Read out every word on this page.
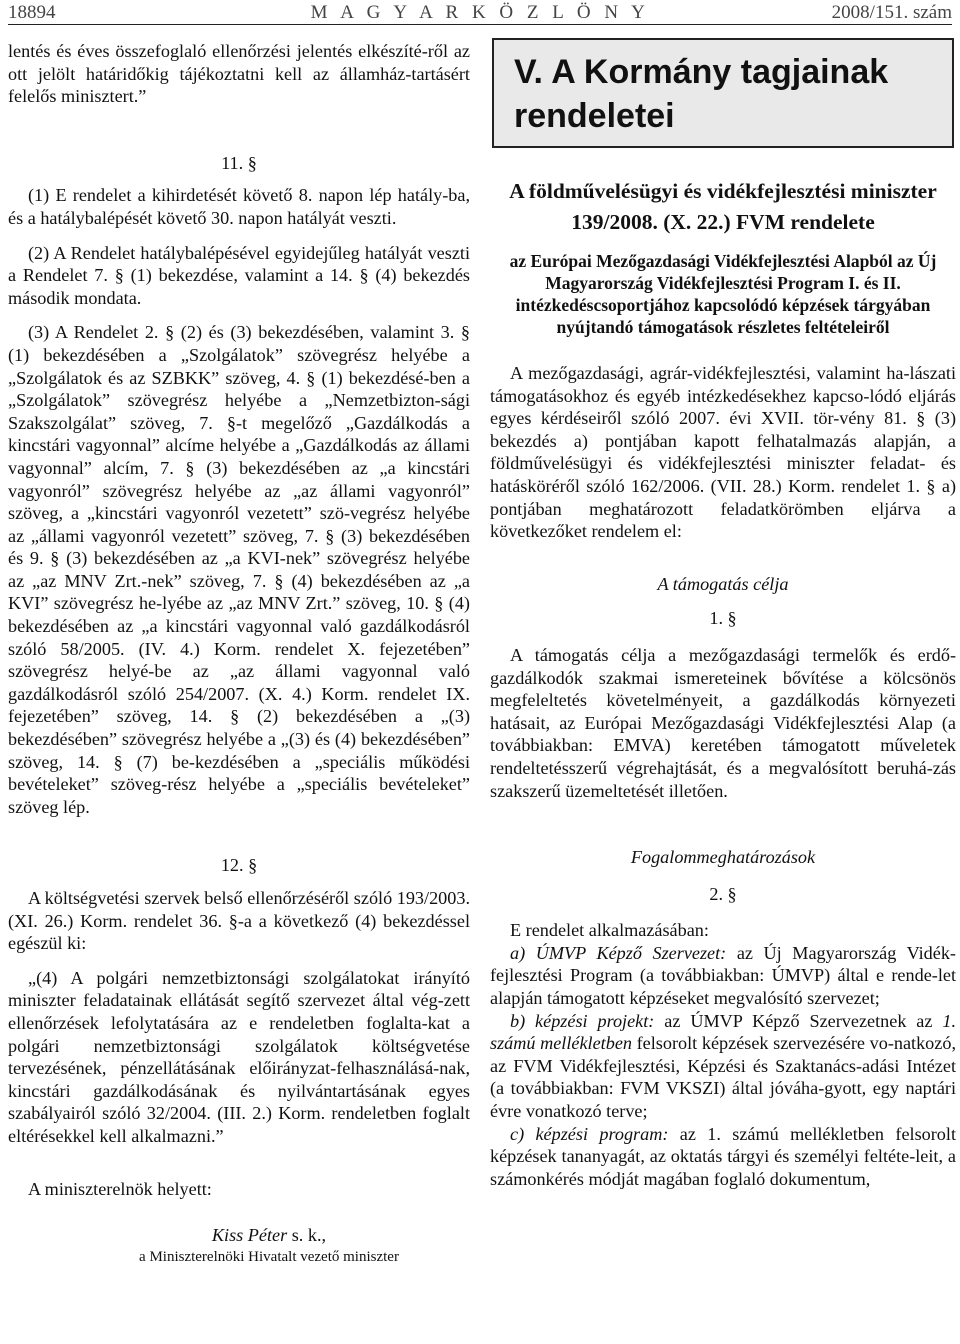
18894	M A G Y A R K Ö Z L Ö N Y	2008/151. szám

lentés és éves összefoglaló ellenőrzési jelentés elkészíté-ről az ott jelölt határidőkig tájékoztatni kell az államház-tartásért felelős minisztert.”

11. §

(1) E rendelet a kihirdetését követő 8. napon lép hatály-ba, és a hatálybalépését követő 30. napon hatályát veszti.

(2) A Rendelet hatálybalépésével egyidejűleg hatályát veszti a Rendelet 7. § (1) bekezdése, valamint a 14. § (4) bekezdés második mondata.

(3) A Rendelet 2. § (2) és (3) bekezdésében, valamint 3. § (1) bekezdésében a „Szolgálatok” szövegrész helyébe a „Szolgálatok és az SZBKK” szöveg, 4. § (1) bekezdésé-ben a „Szolgálatok” szövegrész helyébe a „Nemzetbizton-sági Szakszolgálat” szöveg, 7. §-t megelőző „Gazdálkodás a kincstári vagyonnal” alcíme helyébe a „Gazdálkodás az állami vagyonnal” alcím, 7. § (3) bekezdésében az „a kincstári vagyonról” szövegrész helyébe az „az állami vagyonról” szöveg, a „kincstári vagyonról vezetett” szö-vegrész helyébe az „állami vagyonról vezetett” szöveg, 7. § (3) bekezdésében és 9. § (3) bekezdésében az „a KVI-nek” szövegrész helyébe az „az MNV Zrt.-nek” szöveg, 7. § (4) bekezdésében az „a KVI” szövegrész he-lyébe az „az MNV Zrt.” szöveg, 10. § (4) bekezdésében az „a kincstári vagyonnal való gazdálkodásról szóló 58/2005. (IV. 4.) Korm. rendelet X. fejezetében” szövegrész helyé-be az „az állami vagyonnal való gazdálkodásról szóló 254/2007. (X. 4.) Korm. rendelet IX. fejezetében” szöveg, 14. § (2) bekezdésében a „(3) bekezdésében” szövegrész helyébe a „(3) és (4) bekezdésében” szöveg, 14. § (7) be-kezdésében a „speciális működési bevételeket” szöveg-rész helyébe a „speciális bevételeket” szöveg lép.

12. §

A költségvetési szervek belső ellenőrzéséről szóló 193/2003. (XI. 26.) Korm. rendelet 36. §-a a következő (4) bekezdéssel egészül ki:

„(4) A polgári nemzetbiztonsági szolgálatokat irányító miniszter feladatainak ellátását segítő szervezet által vég-zett ellenőrzések lefolytatására az e rendeletben foglalta-kat a polgári nemzetbiztonsági szolgálatok költségvetése tervezésének, pénzellátásának előirányzat-felhasználásá-nak, kincstári gazdálkodásának és nyilvántartásának egyes szabályairól szóló 32/2004. (III. 2.) Korm. rendeletben foglalt eltérésekkel kell alkalmazni.”

A miniszterelnök helyett:

Kiss Péter s. k.,

a Miniszterelnöki Hivatalt vezető miniszter

V. A Kormány tagjainak rendeletei

A földművelésügyi és vidékfejlesztési miniszter 139/2008. (X. 22.) FVM rendelete

az Európai Mezőgazdasági Vidékfejlesztési Alapból az Új Magyarország Vidékfejlesztési Program I. és II. intézkedéscsoportjához kapcsolódó képzések tárgyában nyújtandó támogatások részletes feltételeiről

A mezőgazdasági, agrár-vidékfejlesztési, valamint ha-lászati támogatásokhoz és egyéb intézkedésekhez kapcso-lódó eljárás egyes kérdéseiről szóló 2007. évi XVII. tör-vény 81. § (3) bekezdés a) pontjában kapott felhatalmazás alapján, a földművelésügyi és vidékfejlesztési miniszter feladat- és hatásköréről szóló 162/2006. (VII. 28.) Korm. rendelet 1. § a) pontjában meghatározott feladatkörömben eljárva a következőket rendelem el:

A támogatás célja

1. §

A támogatás célja a mezőgazdasági termelők és erdő-gazdálkodók szakmai ismereteinek bővítése a kölcsönös megfeleltetés követelményeit, a gazdálkodás környezeti hatásait, az Európai Mezőgazdasági Vidékfejlesztési Alap (a továbbiakban: EMVA) keretében támogatott műveletek rendeltetésszerű végrehajtását, és a megvalósított beruhá-zás szakszerű üzemeltetését illetően.

Fogalommeghatározások

2. §

E rendelet alkalmazásában:

a) ÚMVP Képző Szervezet: az Új Magyarország Vidék-fejlesztési Program (a továbbiakban: ÚMVP) által e rende-let alapján támogatott képzéseket megvalósító szervezet;

b) képzési projekt: az ÚMVP Képző Szervezetnek az 1. számú mellékletben felsorolt képzések szervezésére vo-natkozó, az FVM Vidékfejlesztési, Képzési és Szaktanács-adási Intézet (a továbbiakban: FVM VKSZI) által jóváha-gyott, egy naptári évre vonatkozó terve;

c) képzési program: az 1. számú mellékletben felsorolt képzések tananyagát, az oktatás tárgyi és személyi feltéte-leit, a számonkérés módját magában foglaló dokumentum,
